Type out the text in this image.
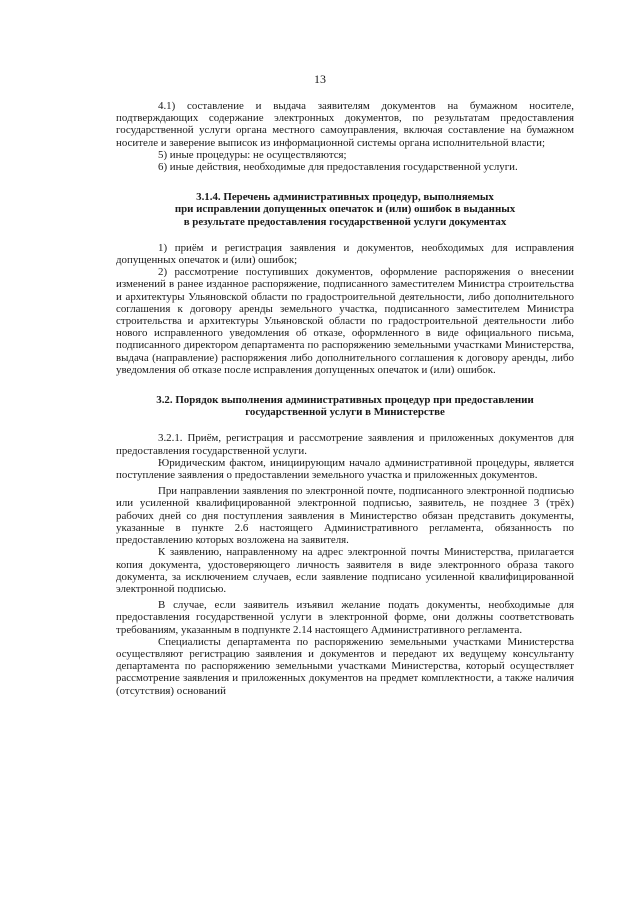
13

4.1) составление и выдача заявителям документов на бумажном носителе, подтверждающих содержание электронных документов, по результатам предоставления государственной услуги органа местного самоуправления, включая составление на бумажном носителе и заверение выписок из информационной системы органа исполнительной власти;

5) иные процедуры: не осуществляются;

6) иные действия, необходимые для предоставления государственной услуги.

3.1.4. Перечень административных процедур, выполняемых
при исправлении допущенных опечаток и (или) ошибок в выданных
в результате предоставления государственной услуги документах

1) приём и регистрация заявления и документов, необходимых для исправления допущенных опечаток и (или) ошибок;

2) рассмотрение поступивших документов, оформление распоряжения о внесении изменений в ранее изданное распоряжение, подписанного заместителем Министра строительства и архитектуры Ульяновской области по градостроительной деятельности, либо дополнительного соглашения к договору аренды земельного участка, подписанного заместителем Министра строительства и архитектуры Ульяновской области по градостроительной деятельности либо нового исправленного уведомления об отказе, оформленного в виде официального письма, подписанного директором департамента по распоряжению земельными участками Министерства, выдача (направление) распоряжения либо дополнительного соглашения к договору аренды, либо уведомления об отказе после исправления допущенных опечаток и (или) ошибок.

3.2. Порядок выполнения административных процедур при предоставлении
государственной услуги в Министерстве

3.2.1. Приём, регистрация и рассмотрение заявления и приложенных документов для предоставления государственной услуги.

Юридическим фактом, инициирующим начало административной процедуры, является поступление заявления о предоставлении земельного участка и приложенных документов.

При направлении заявления по электронной почте, подписанного электронной подписью или усиленной квалифицированной электронной подписью, заявитель, не позднее 3 (трёх) рабочих дней со дня поступления заявления в Министерство обязан представить документы, указанные в пункте 2.6 настоящего Административного регламента, обязанность по предоставлению которых возложена на заявителя.

К заявлению, направленному на адрес электронной почты Министерства, прилагается копия документа, удостоверяющего личность заявителя в виде электронного образа такого документа, за исключением случаев, если заявление подписано усиленной квалифицированной электронной подписью.

В случае, если заявитель изъявил желание подать документы, необходимые для предоставления государственной услуги в электронной форме, они должны соответствовать требованиям, указанным в подпункте 2.14 настоящего Административного регламента.

Специалисты департамента по распоряжению земельными участками Министерства осуществляют регистрацию заявления и документов и передают их ведущему консультанту департамента по распоряжению земельными участками Министерства, который осуществляет рассмотрение заявления и приложенных документов на предмет комплектности, а также наличия (отсутствия) оснований
